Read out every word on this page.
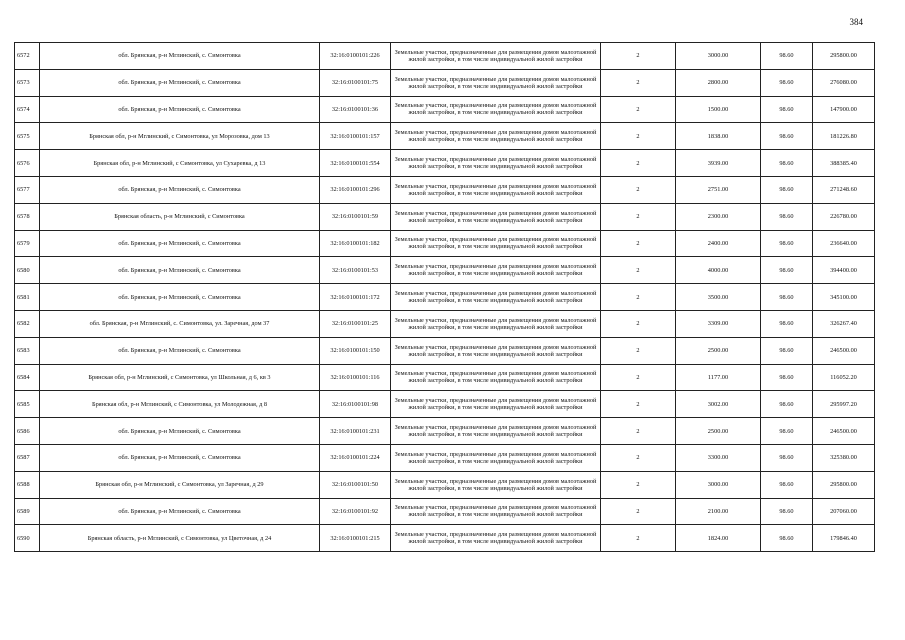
384
6572	обл. Брянская, р-н Мглинский, с. Симонтовка	32:16:0100101:226	Земельные участки, предназначенные для размещения домов малоэтажной жилой застройки, в том числе индивидуальной жилой застройки	2	3000.00	98.60	295800.00
6573	обл. Брянская, р-н Мглинский, с. Симонтовка	32:16:0100101:75	Земельные участки, предназначенные для размещения домов малоэтажной жилой застройки, в том числе индивидуальной жилой застройки	2	2800.00	98.60	276080.00
6574	обл. Брянская, р-н Мглинский, с. Симонтовка	32:16:0100101:36	Земельные участки, предназначенные для размещения домов малоэтажной жилой застройки, в том числе индивидуальной жилой застройки	2	1500.00	98.60	147900.00
6575	Брянская обл, р-н Мглинский, с Симонтовка, ул Морозовка, дом 13	32:16:0100101:157	Земельные участки, предназначенные для размещения домов малоэтажной жилой застройки, в том числе индивидуальной жилой застройки	2	1838.00	98.60	181226.80
6576	Брянская обл, р-н Мглинский, с Симонтовка, ул Сухаревка, д 13	32:16:0100101:554	Земельные участки, предназначенные для размещения домов малоэтажной жилой застройки, в том числе индивидуальной жилой застройки	2	3939.00	98.60	388385.40
6577	обл. Брянская, р-н Мглинский, с. Симонтовка	32:16:0100101:296	Земельные участки, предназначенные для размещения домов малоэтажной жилой застройки, в том числе индивидуальной жилой застройки	2	2751.00	98.60	271248.60
6578	Брянская область, р-н Мглинский, с Симонтовка	32:16:0100101:59	Земельные участки, предназначенные для размещения домов малоэтажной жилой застройки, в том числе индивидуальной жилой застройки	2	2300.00	98.60	226780.00
6579	обл. Брянская, р-н Мглинский, с. Симонтовка	32:16:0100101:182	Земельные участки, предназначенные для размещения домов малоэтажной жилой застройки, в том числе индивидуальной жилой застройки	2	2400.00	98.60	236640.00
6580	обл. Брянская, р-н Мглинский, с. Симонтовка	32:16:0100101:53	Земельные участки, предназначенные для размещения домов малоэтажной жилой застройки, в том числе индивидуальной жилой застройки	2	4000.00	98.60	394400.00
6581	обл. Брянская, р-н Мглинский, с. Симонтовка	32:16:0100101:172	Земельные участки, предназначенные для размещения домов малоэтажной жилой застройки, в том числе индивидуальной жилой застройки	2	3500.00	98.60	345100.00
6582	обл. Брянская, р-н Мглинский, с. Симонтовка, ул. Заречная, дом 37	32:16:0100101:25	Земельные участки, предназначенные для размещения домов малоэтажной жилой застройки, в том числе индивидуальной жилой застройки	2	3309.00	98.60	326267.40
6583	обл. Брянская, р-н Мглинский, с. Симонтовка	32:16:0100101:150	Земельные участки, предназначенные для размещения домов малоэтажной жилой застройки, в том числе индивидуальной жилой застройки	2	2500.00	98.60	246500.00
6584	Брянская обл, р-н Мглинский, с Симонтовка, ул Школьная, д 6, кв 3	32:16:0100101:116	Земельные участки, предназначенные для размещения домов малоэтажной жилой застройки, в том числе индивидуальной жилой застройки	2	1177.00	98.60	116052.20
6585	Брянская обл, р-н Мглинский, с Симонтовка, ул Молодежная, д 8	32:16:0100101:98	Земельные участки, предназначенные для размещения домов малоэтажной жилой застройки, в том числе индивидуальной жилой застройки	2	3002.00	98.60	295997.20
6586	обл. Брянская, р-н Мглинский, с. Симонтовка	32:16:0100101:231	Земельные участки, предназначенные для размещения домов малоэтажной жилой застройки, в том числе индивидуальной жилой застройки	2	2500.00	98.60	246500.00
6587	обл. Брянская, р-н Мглинский, с. Симонтовка	32:16:0100101:224	Земельные участки, предназначенные для размещения домов малоэтажной жилой застройки, в том числе индивидуальной жилой застройки	2	3300.00	98.60	325380.00
6588	Брянская обл, р-н Мглинский, с Симонтовка, ул Заречная, д 29	32:16:0100101:50	Земельные участки, предназначенные для размещения домов малоэтажной жилой застройки, в том числе индивидуальной жилой застройки	2	3000.00	98.60	295800.00
6589	обл. Брянская, р-н Мглинский, с. Симонтовка	32:16:0100101:92	Земельные участки, предназначенные для размещения домов малоэтажной жилой застройки, в том числе индивидуальной жилой застройки	2	2100.00	98.60	207060.00
6590	Брянская область, р-н Мглинский, с Симонтовка, ул Цветочная, д 24	32:16:0100101:215	Земельные участки, предназначенные для размещения домов малоэтажной жилой застройки, в том числе индивидуальной жилой застройки	2	1824.00	98.60	179846.40
